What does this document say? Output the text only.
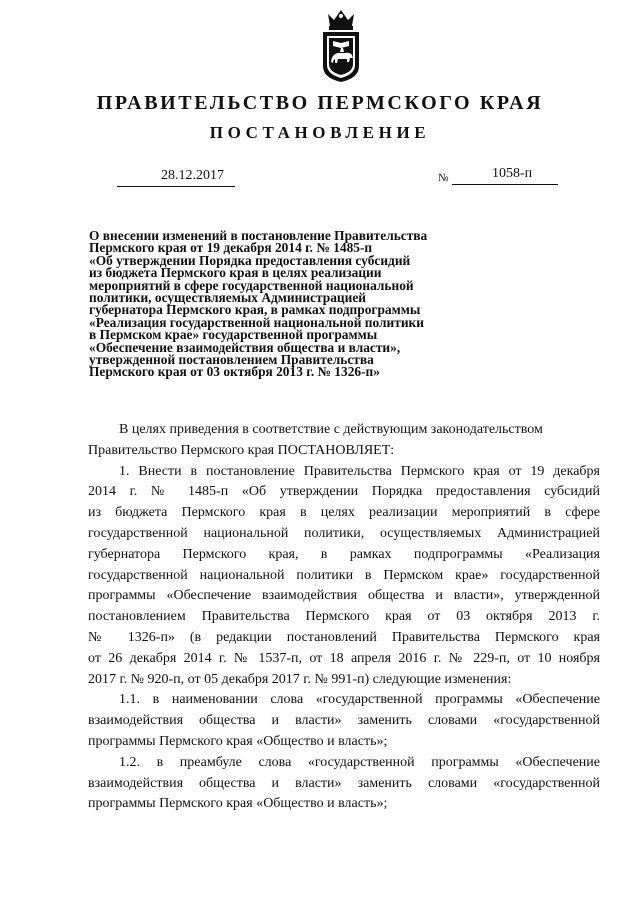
ПРАВИТЕЛЬСТВО ПЕРМСКОГО КРАЯ
ПОСТАНОВЛЕНИЕ
28.12.2017	№	1058-п
О внесении изменений в постановление Правительства
Пермского края от 19 декабря 2014 г. № 1485-п
«Об утверждении Порядка предоставления субсидий
из бюджета Пермского края в целях реализации
мероприятий в сфере государственной национальной
политики, осуществляемых Администрацией
губернатора Пермского края, в рамках подпрограммы
«Реализация государственной национальной политики
в Пермском крае» государственной программы
«Обеспечение взаимодействия общества и власти»,
утвержденной постановлением Правительства
Пермского края от 03 октября 2013 г. № 1326-п»
В целях приведения в соответствие с действующим законодательством
Правительство Пермского края ПОСТАНОВЛЯЕТ:
1. Внести в постановление Правительства Пермского края от 19 декабря
2014 г. № 1485-п «Об утверждении Порядка предоставления субсидий
из бюджета Пермского края в целях реализации мероприятий в сфере
государственной национальной политики, осуществляемых Администрацией
губернатора Пермского края, в рамках подпрограммы «Реализация
государственной национальной политики в Пермском крае» государственной
программы «Обеспечение взаимодействия общества и власти», утвержденной
постановлением Правительства Пермского края от 03 октября 2013 г.
№ 1326-п» (в редакции постановлений Правительства Пермского края
от 26 декабря 2014 г. № 1537-п, от 18 апреля 2016 г. № 229-п, от 10 ноября
2017 г. № 920-п, от 05 декабря 2017 г. № 991-п) следующие изменения:
1.1. в наименовании слова «государственной программы «Обеспечение
взаимодействия общества и власти» заменить словами «государственной
программы Пермского края «Общество и власть»;
1.2. в преамбуле слова «государственной программы «Обеспечение
взаимодействия общества и власти» заменить словами «государственной
программы Пермского края «Общество и власть»;
